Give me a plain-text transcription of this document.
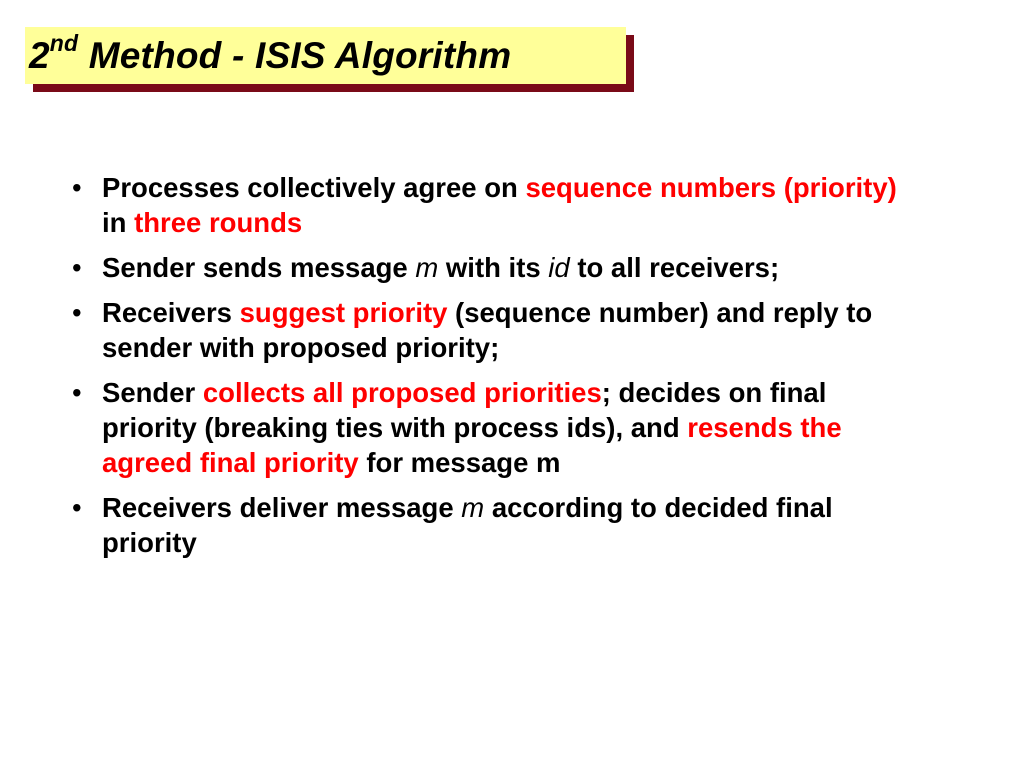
2nd Method - ISIS Algorithm
• Processes collectively agree on sequence numbers (priority) in three rounds
• Sender sends message m with its id to all receivers;
• Receivers suggest priority (sequence number) and reply to sender with proposed priority;
• Sender collects all proposed priorities; decides on final priority (breaking ties with process ids), and resends the agreed final priority for message m
• Receivers deliver message m according to decided final priority
